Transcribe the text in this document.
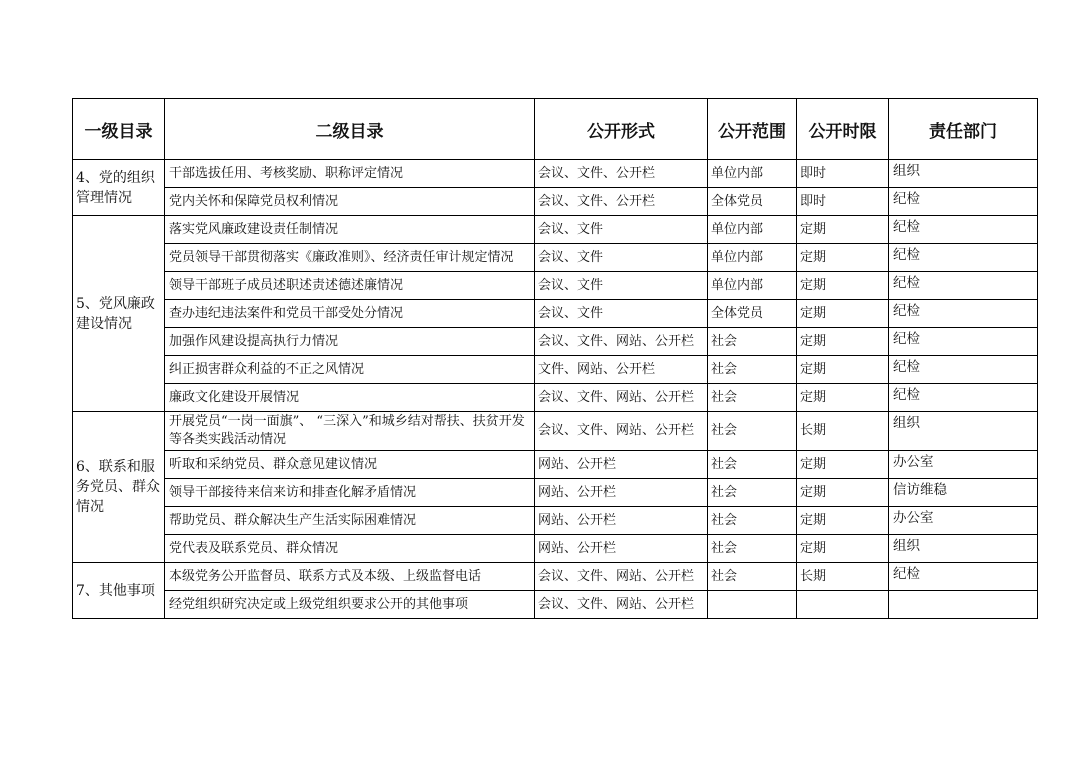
一级目录	二级目录	公开形式	公开范围	公开时限	责任部门
4、党的组织管理情况	干部选拔任用、考核奖励、职称评定情况	会议、文件、公开栏	单位内部	即时	组织
	党内关怀和保障党员权利情况	会议、文件、公开栏	全体党员	即时	纪检
5、党风廉政建设情况	落实党风廉政建设责任制情况	会议、文件	单位内部	定期	纪检
	党员领导干部贯彻落实《廉政准则》、经济责任审计规定情况	会议、文件	单位内部	定期	纪检
	领导干部班子成员述职述责述德述廉情况	会议、文件	单位内部	定期	纪检
	查办违纪违法案件和党员干部受处分情况	会议、文件	全体党员	定期	纪检
	加强作风建设提高执行力情况	会议、文件、网站、公开栏	社会	定期	纪检
	纠正损害群众利益的不正之风情况	文件、网站、公开栏	社会	定期	纪检
	廉政文化建设开展情况	会议、文件、网站、公开栏	社会	定期	纪检
6、联系和服务党员、群众情况	开展党员“一岗一面旗”、 “三深入”和城乡结对帮扶、扶贫开发等各类实践活动情况	会议、文件、网站、公开栏	社会	长期	组织
	听取和采纳党员、群众意见建议情况	网站、公开栏	社会	定期	办公室
	领导干部接待来信来访和排查化解矛盾情况	网站、公开栏	社会	定期	信访维稳
	帮助党员、群众解决生产生活实际困难情况	网站、公开栏	社会	定期	办公室
	党代表及联系党员、群众情况	网站、公开栏	社会	定期	组织
7、其他事项	本级党务公开监督员、联系方式及本级、上级监督电话	会议、文件、网站、公开栏	社会	长期	纪检
	经党组织研究决定或上级党组织要求公开的其他事项	会议、文件、网站、公开栏			
